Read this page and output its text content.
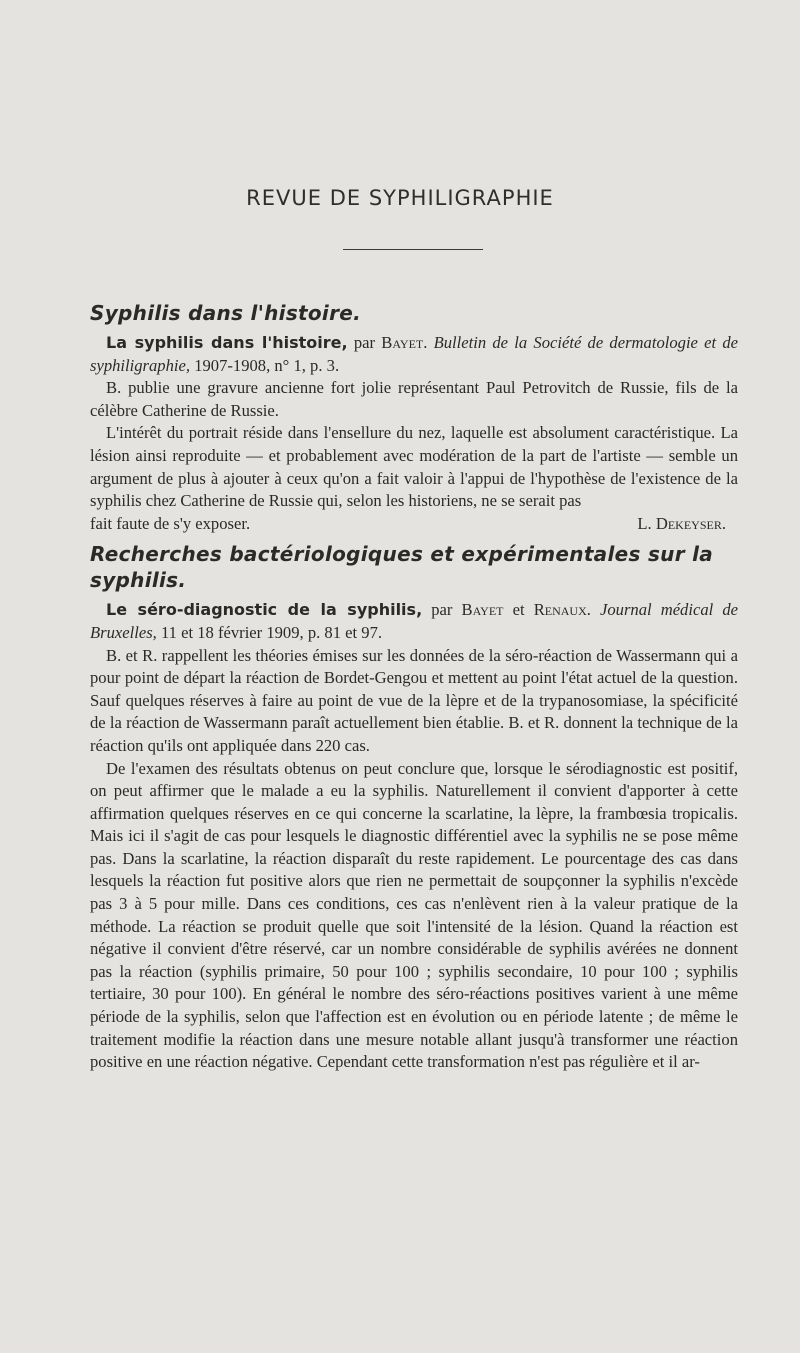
REVUE DE SYPHILIGRAPHIE
Syphilis dans l'histoire.
La syphilis dans l'histoire, par Bayet. Bulletin de la Société de dermatologie et de syphiligraphie, 1907-1908, n° 1, p. 3.

B. publie une gravure ancienne fort jolie représentant Paul Petrovitch de Russie, fils de la célèbre Catherine de Russie.

L'intérêt du portrait réside dans l'ensellure du nez, laquelle est absolument caractéristique. La lésion ainsi reproduite — et probablement avec modération de la part de l'artiste — semble un argument de plus à ajouter à ceux qu'on a fait valoir à l'appui de l'hypothèse de l'existence de la syphilis chez Catherine de Russie qui, selon les historiens, ne se serait pas

fait faute de s'y exposer.	L. Dekeyser.
Recherches bactériologiques et expérimentales sur la syphilis.
Le séro-diagnostic de la syphilis, par Bayet et Renaux. Journal médical de Bruxelles, 11 et 18 février 1909, p. 81 et 97.

B. et R. rappellent les théories émises sur les données de la séro-réaction de Wassermann qui a pour point de départ la réaction de Bordet-Gengou et mettent au point l'état actuel de la question. Sauf quelques réserves à faire au point de vue de la lèpre et de la trypanosomiase, la spécificité de la réaction de Wassermann paraît actuellement bien établie. B. et R. donnent la technique de la réaction qu'ils ont appliquée dans 220 cas.

De l'examen des résultats obtenus on peut conclure que, lorsque le sérodiagnostic est positif, on peut affirmer que le malade a eu la syphilis. Naturellement il convient d'apporter à cette affirmation quelques réserves en ce qui concerne la scarlatine, la lèpre, la frambœsia tropicalis. Mais ici il s'agit de cas pour lesquels le diagnostic différentiel avec la syphilis ne se pose même pas. Dans la scarlatine, la réaction disparaît du reste rapidement. Le pourcentage des cas dans lesquels la réaction fut positive alors que rien ne permettait de soupçonner la syphilis n'excède pas 3 à 5 pour mille. Dans ces conditions, ces cas n'enlèvent rien à la valeur pratique de la méthode. La réaction se produit quelle que soit l'intensité de la lésion. Quand la réaction est négative il convient d'être réservé, car un nombre considérable de syphilis avérées ne donnent pas la réaction (syphilis primaire, 50 pour 100 ; syphilis secondaire, 10 pour 100 ; syphilis tertiaire, 30 pour 100). En général le nombre des séro-réactions positives varient à une même période de la syphilis, selon que l'affection est en évolution ou en période latente ; de même le traitement modifie la réaction dans une mesure notable allant jusqu'à transformer une réaction positive en une réaction négative. Cependant cette transformation n'est pas régulière et il ar-
